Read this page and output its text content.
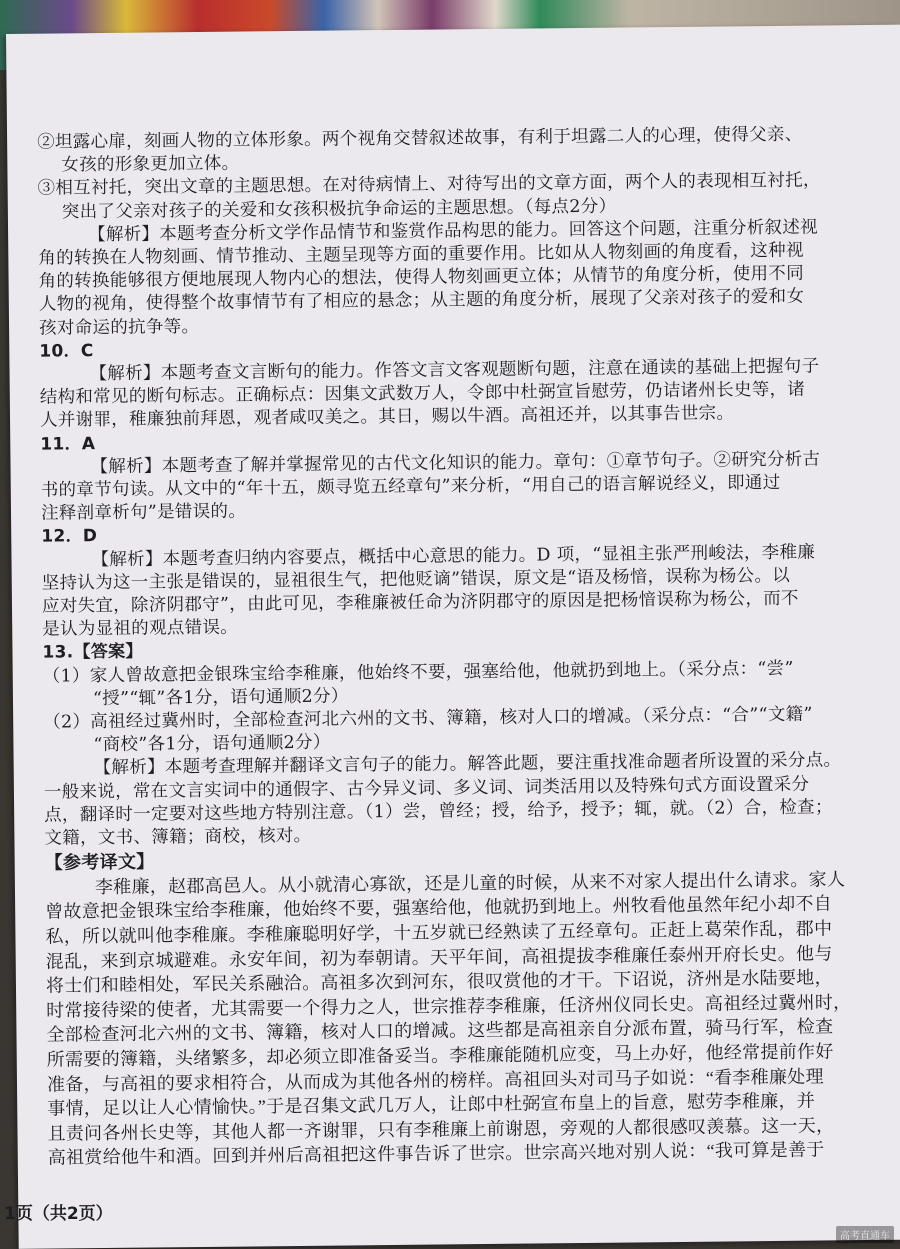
②坦露心扉，刻画人物的立体形象。两个视角交替叙述故事，有利于坦露二人的心理，使得父亲、
女孩的形象更加立体。
③相互衬托，突出文章的主题思想。在对待病情上、对待写出的文章方面，两个人的表现相互衬托，
突出了父亲对孩子的关爱和女孩积极抗争命运的主题思想。（每点2分）
【解析】本题考查分析文学作品情节和鉴赏作品构思的能力。回答这个问题，注重分析叙述视
角的转换在人物刻画、情节推动、主题呈现等方面的重要作用。比如从人物刻画的角度看，这种视
角的转换能够很方便地展现人物内心的想法，使得人物刻画更立体；从情节的角度分析，使用不同
人物的视角，使得整个故事情节有了相应的悬念；从主题的角度分析，展现了父亲对孩子的爱和女
孩对命运的抗争等。
10．C
【解析】本题考查文言断句的能力。作答文言文客观题断句题，注意在通读的基础上把握句子
结构和常见的断句标志。正确标点：因集文武数万人，令郎中杜弼宣旨慰劳，仍诘诸州长史等，诸
人并谢罪，稚廉独前拜恩，观者咸叹美之。其日，赐以牛酒。高祖还并，以其事告世宗。
11．A
【解析】本题考查了解并掌握常见的古代文化知识的能力。章句：①章节句子。②研究分析古
书的章节句读。从文中的“年十五，颇寻览五经章句”来分析，“用自己的语言解说经义，即通过
注释剖章析句”是错误的。
12．D
【解析】本题考查归纳内容要点，概括中心意思的能力。D 项，“显祖主张严刑峻法，李稚廉
坚持认为这一主张是错误的，显祖很生气，把他贬谪”错误，原文是“语及杨愔，误称为杨公。以
应对失宜，除济阴郡守”，由此可见，李稚廉被任命为济阴郡守的原因是把杨愔误称为杨公，而不
是认为显祖的观点错误。
13.【答案】
（1）家人曾故意把金银珠宝给李稚廉，他始终不要，强塞给他，他就扔到地上。（采分点：“尝”
“授”“辄”各1分，语句通顺2分）
（2）高祖经过冀州时，全部检查河北六州的文书、簿籍，核对人口的增减。（采分点：“合”“文籍”
“商校”各1分，语句通顺2分）
【解析】本题考查理解并翻译文言句子的能力。解答此题，要注重找准命题者所设置的采分点。
一般来说，常在文言实词中的通假字、古今异义词、多义词、词类活用以及特殊句式方面设置采分
点，翻译时一定要对这些地方特别注意。（1）尝，曾经；授，给予，授予；辄，就。（2）合，检查；
文籍，文书、簿籍；商校，核对。
【参考译文】
李稚廉，赵郡高邑人。从小就清心寡欲，还是儿童的时候，从来不对家人提出什么请求。家人
曾故意把金银珠宝给李稚廉，他始终不要，强塞给他，他就扔到地上。州牧看他虽然年纪小却不自
私，所以就叫他李稚廉。李稚廉聪明好学，十五岁就已经熟读了五经章句。正赶上葛荣作乱，郡中
混乱，来到京城避难。永安年间，初为奉朝请。天平年间，高祖提拔李稚廉任泰州开府长史。他与
将士们和睦相处，军民关系融洽。高祖多次到河东，很叹赏他的才干。下诏说，济州是水陆要地，
时常接待梁的使者，尤其需要一个得力之人，世宗推荐李稚廉，任济州仪同长史。高祖经过冀州时，
全部检查河北六州的文书、簿籍，核对人口的增减。这些都是高祖亲自分派布置，骑马行军，检查
所需要的簿籍，头绪繁多，却必须立即准备妥当。李稚廉能随机应变，马上办好，他经常提前作好
准备，与高祖的要求相符合，从而成为其他各州的榜样。高祖回头对司马子如说：“看李稚廉处理
事情，足以让人心情愉快。”于是召集文武几万人，让郎中杜弼宣布皇上的旨意，慰劳李稚廉，并
且责问各州长史等，其他人都一齐谢罪，只有李稚廉上前谢恩，旁观的人都很感叹羡慕。这一天，
高祖赏给他牛和酒。回到并州后高祖把这件事告诉了世宗。世宗高兴地对别人说：“我可算是善于
1页（共2页）
高考直通车
